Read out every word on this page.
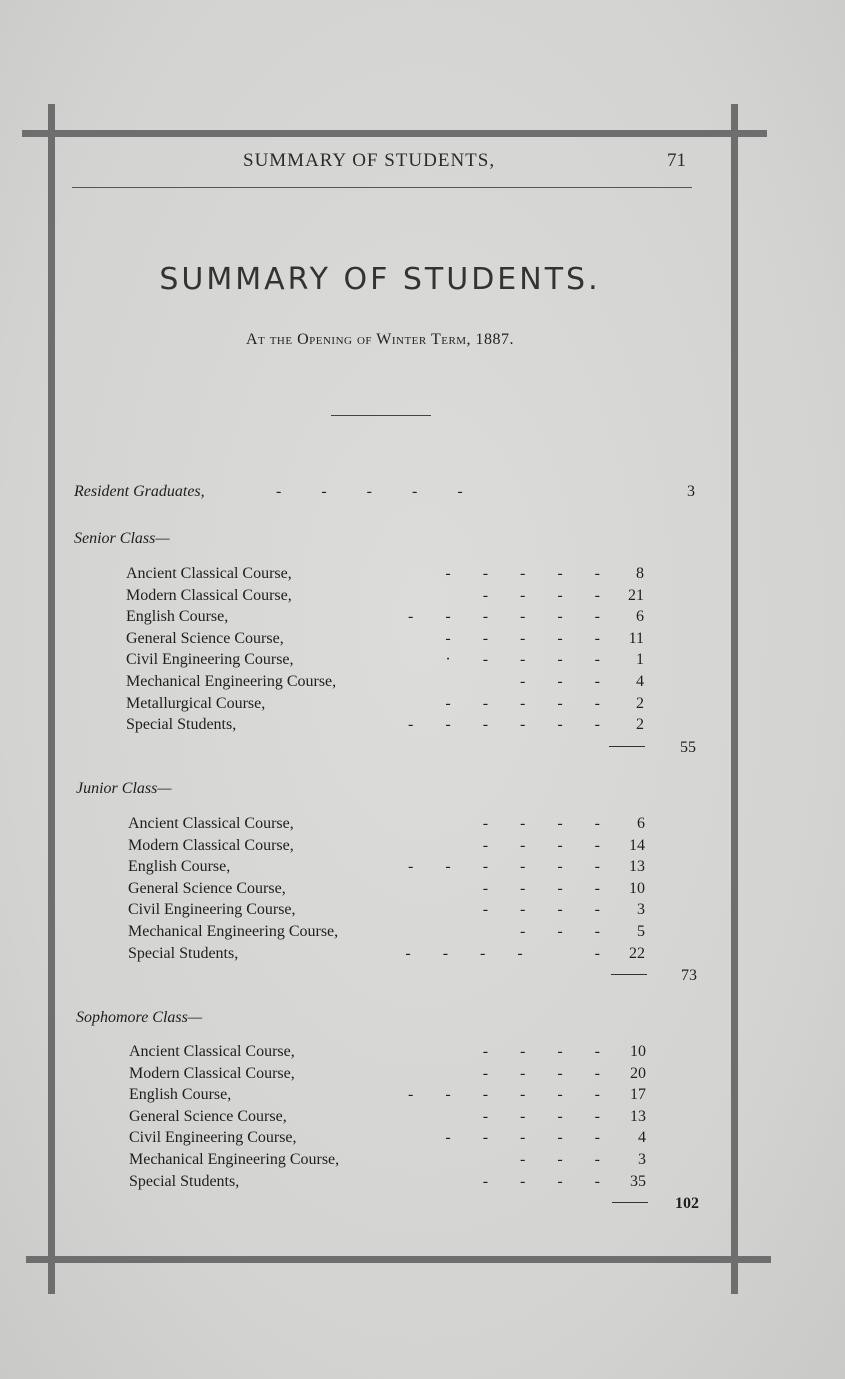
SUMMARY OF STUDENTS,	71
SUMMARY OF STUDENTS.
At the Opening of Winter Term, 1887.
Resident Graduates,	-          -          -          -          -	3
Senior Class—
Ancient Classical Course,	-        -        -        -        -	8
Modern Classical Course,	-        -        -        -	21
English Course,	-        -        -        -        -        -	6
General Science Course,	-        -        -        -        -	11
Civil Engineering Course,	·        -        -        -        -	1
Mechanical Engineering Course,	-        -        -	4
Metallurgical Course,	-        -        -        -        -	2
Special Students,	-        -        -        -        -        -	2
55
Junior Class—
Ancient Classical Course,	-        -        -        -	6
Modern Classical Course,	-        -        -        -	14
English Course,	-        -        -        -        -        -	13
General Science Course,	-        -        -        -	10
Civil Engineering Course,	-        -        -        -	3
Mechanical Engineering Course,	-        -        -	5
Special Students,	-        -        -        -                  -	22
73
Sophomore Class—
Ancient Classical Course,	-        -        -        -	10
Modern Classical Course,	-        -        -        -	20
English Course,	-        -        -        -        -        -	17
General Science Course,	-        -        -        -	13
Civil Engineering Course,	-        -        -        -        -	4
Mechanical Engineering Course,	-        -        -	3
Special Students,	-        -        -        -	35
102
